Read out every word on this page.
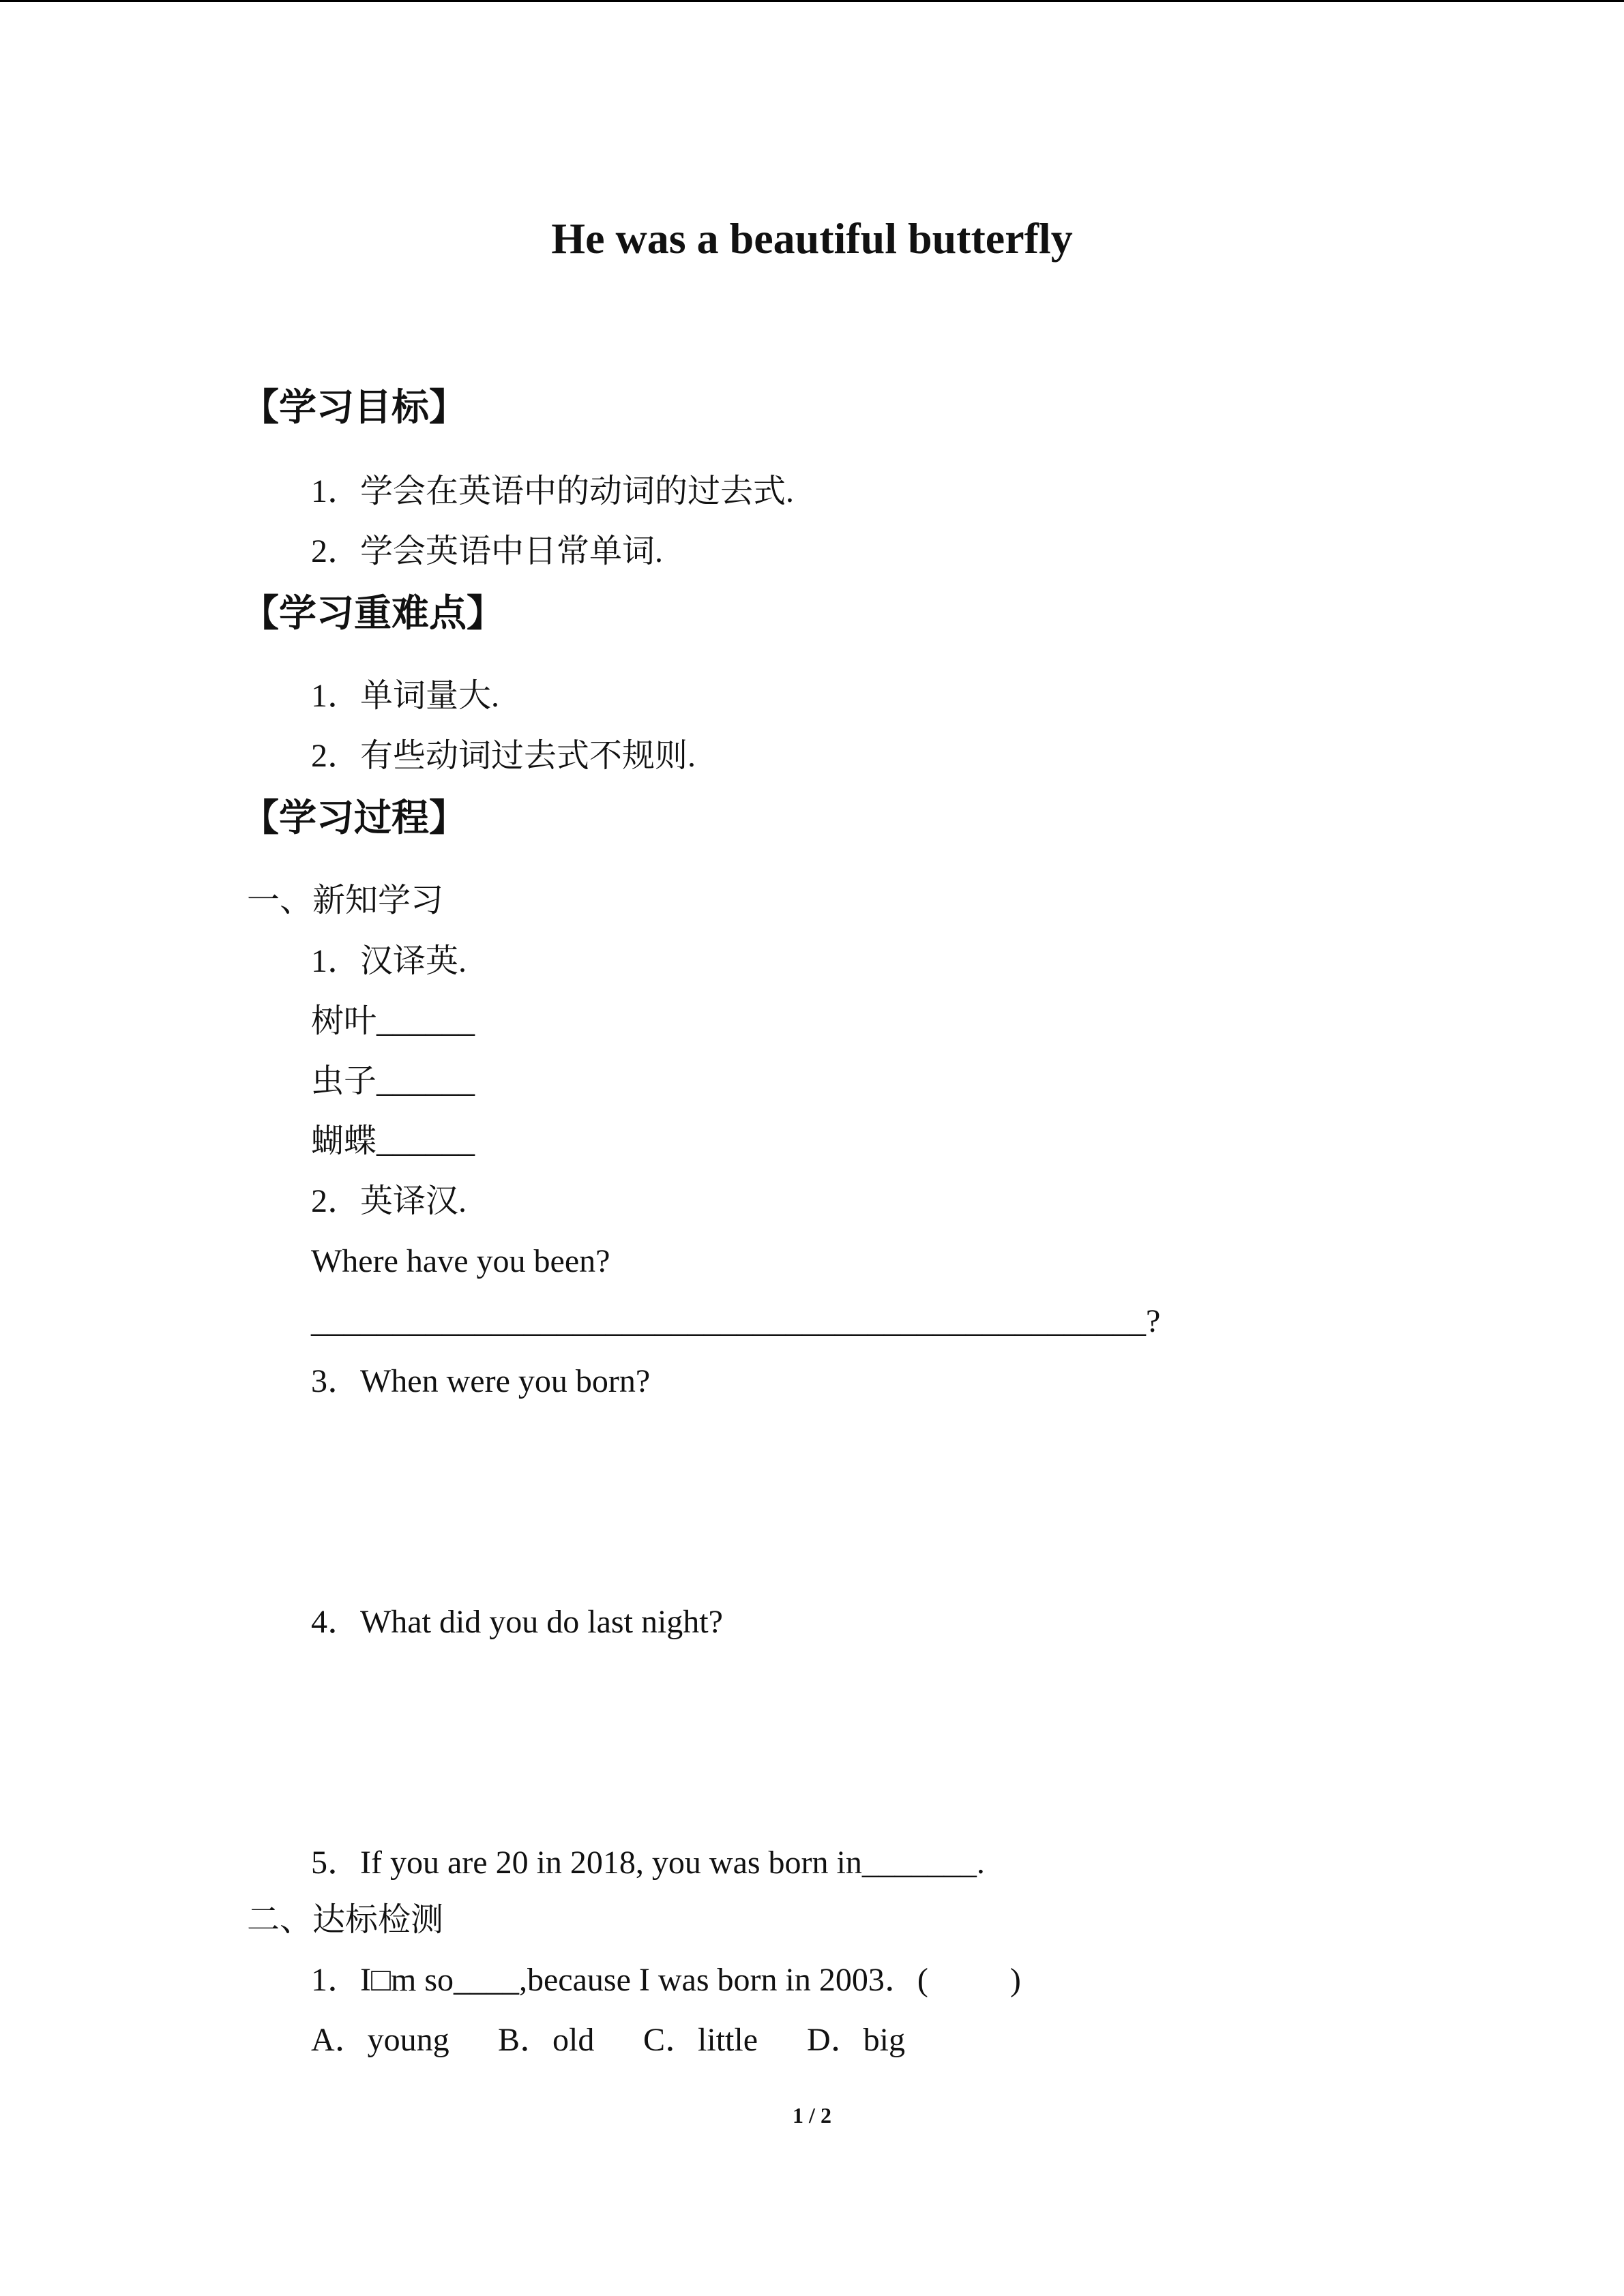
He was a beautiful butterfly
【学习目标】
1．学会在英语中的动词的过去式.
2．学会英语中日常单词.
【学习重难点】
1．单词量大.
2．有些动词过去式不规则.
【学习过程】
一、新知学习
1．汉译英.
树叶______
虫子______
蝴蝶______
2．英译汉.
Where have you been?
___________________________________________________?
3．When were you born?
4．What did you do last night?
5．If you are 20 in 2018, you was born in_______.
二、达标检测
1．I□m so____,because I was born in 2003．(          )
A．young B．old C．little D．big
1 / 2
